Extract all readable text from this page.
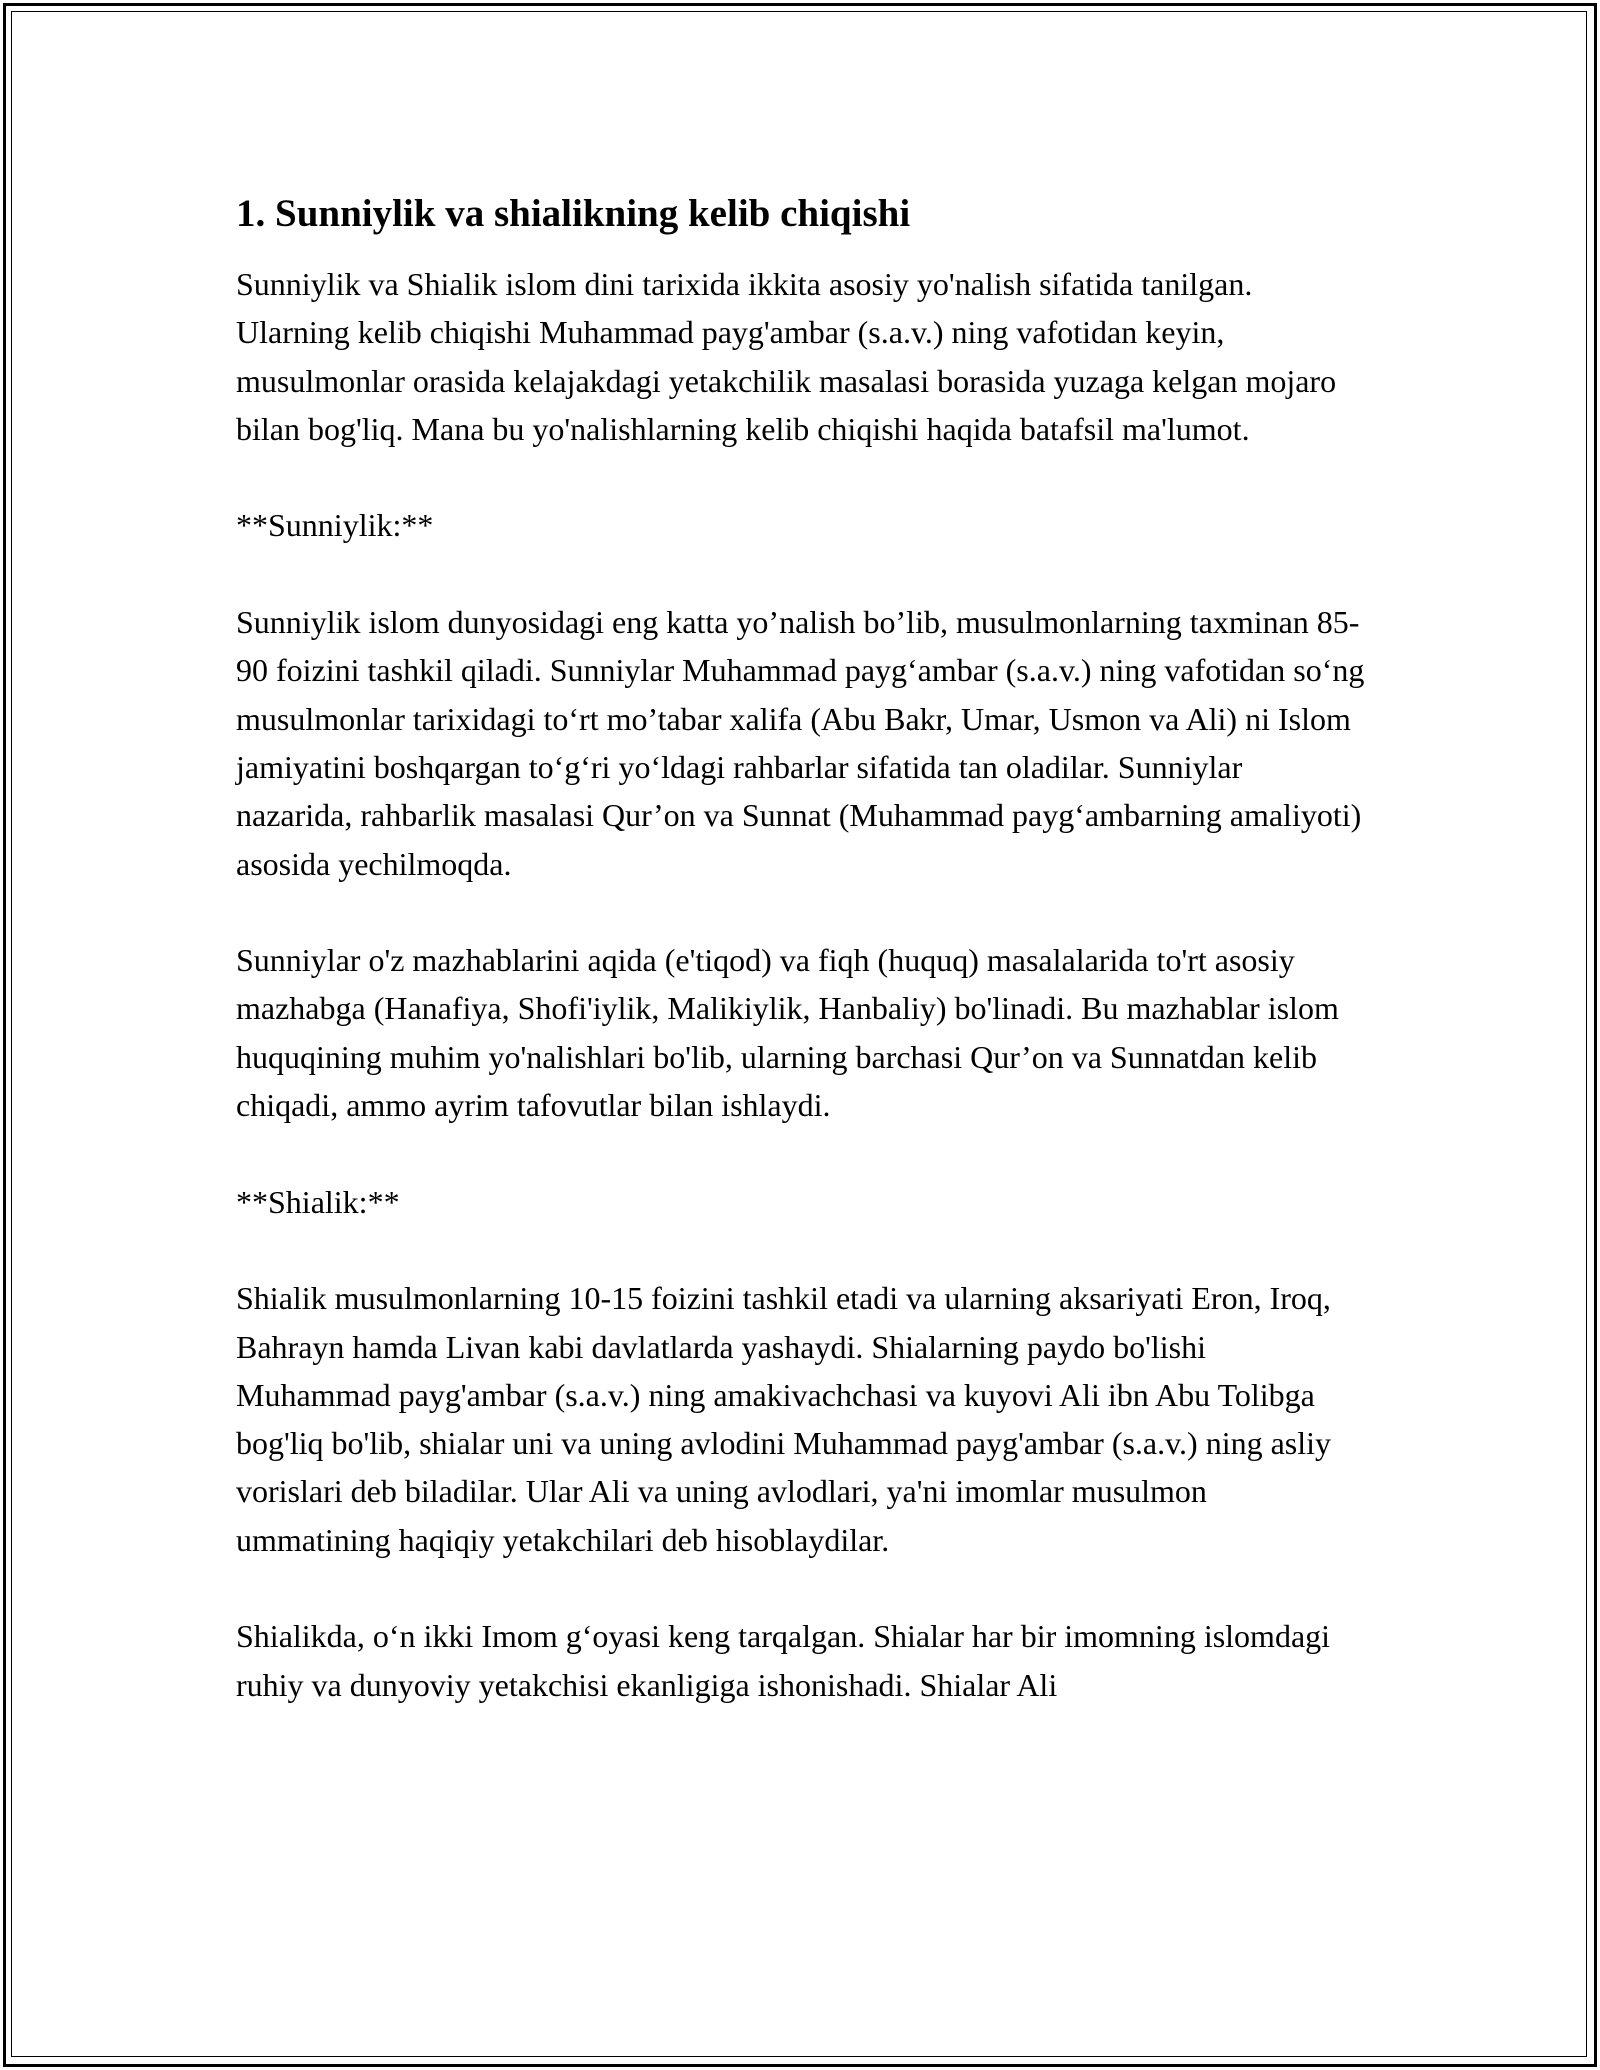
1. Sunniylik va shialikning kelib chiqishi

Sunniylik va Shialik islom dini tarixida ikkita asosiy yo'nalish sifatida tanilgan. Ularning kelib chiqishi Muhammad payg'ambar (s.a.v.) ning vafotidan keyin, musulmonlar orasida kelajakdagi yetakchilik masalasi borasida yuzaga kelgan mojaro bilan bog'liq. Mana bu yo'nalishlarning kelib chiqishi haqida batafsil ma'lumot.

**Sunniylik:**

Sunniylik islom dunyosidagi eng katta yo’nalish bo’lib, musulmonlarning taxminan 85-90 foizini tashkil qiladi. Sunniylar Muhammad payg‘ambar (s.a.v.) ning vafotidan so‘ng musulmonlar tarixidagi to‘rt mo’tabar xalifa (Abu Bakr, Umar, Usmon va Ali) ni Islom jamiyatini boshqargan to‘g‘ri yo‘ldagi rahbarlar sifatida tan oladilar. Sunniylar nazarida, rahbarlik masalasi Qur’on va Sunnat (Muhammad payg‘ambarning amaliyoti) asosida yechilmoqda.

Sunniylar o'z mazhablarini aqida (e'tiqod) va fiqh (huquq) masalalarida to'rt asosiy mazhabga (Hanafiya, Shofi'iylik, Malikiylik, Hanbaliy) bo'linadi. Bu mazhablar islom huquqining muhim yo'nalishlari bo'lib, ularning barchasi Qur’on va Sunnatdan kelib chiqadi, ammo ayrim tafovutlar bilan ishlaydi.

**Shialik:**

Shialik musulmonlarning 10-15 foizini tashkil etadi va ularning aksariyati Eron, Iroq, Bahrayn hamda Livan kabi davlatlarda yashaydi. Shialarning paydo bo'lishi Muhammad payg'ambar (s.a.v.) ning amakivachchasi va kuyovi Ali ibn Abu Tolibga bog'liq bo'lib, shialar uni va uning avlodini Muhammad payg'ambar (s.a.v.) ning asliy vorislari deb biladilar. Ular Ali va uning avlodlari, ya'ni imomlar musulmon ummatining haqiqiy yetakchilari deb hisoblaydilar.

Shialikda, o‘n ikki Imom g‘oyasi keng tarqalgan. Shialar har bir imomning islomdagi ruhiy va dunyoviy yetakchisi ekanligiga ishonishadi. Shialar Ali
